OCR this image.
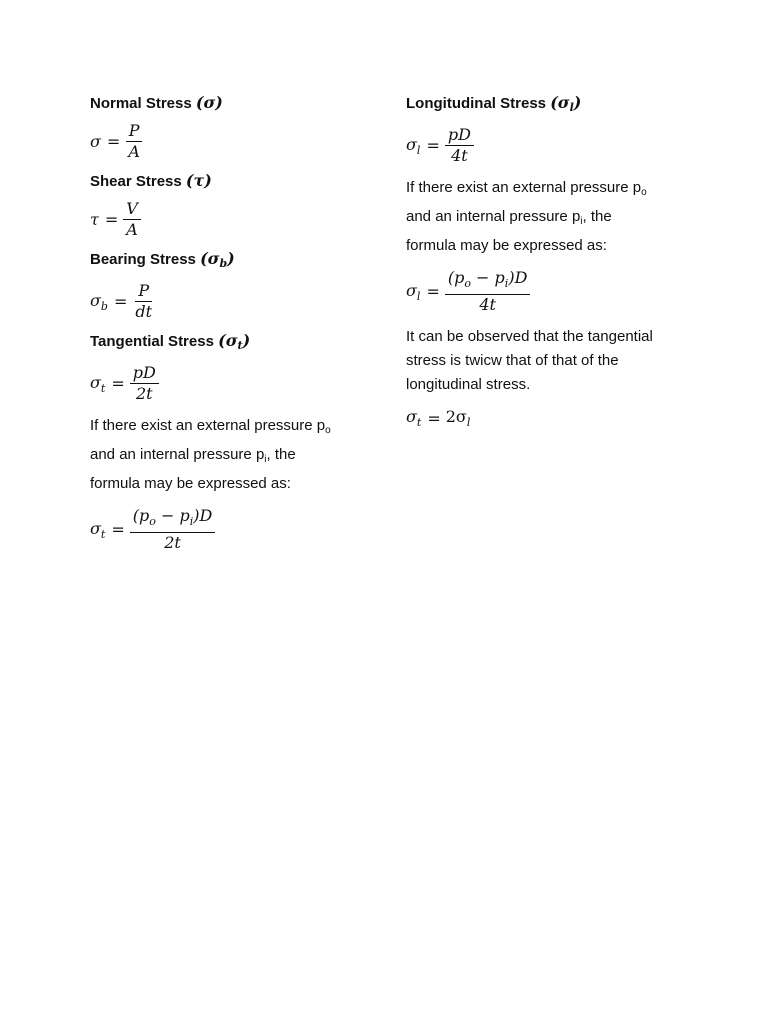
Normal Stress (σ)

$\sigma = \frac{P}{A}$

Shear Stress (τ)

$\tau = \frac{V}{A}$

Bearing Stress $(\sigma_b)$

$\sigma_b = \frac{P}{dt}$

Tangential Stress $(\sigma_t)$

$\sigma_t = \frac{pD}{2t}$

If there exist an external pressure $p_o$
and an internal pressure $p_i$, the
formula may be expressed as:

$\sigma_t = \frac{(p_o - p_i)D}{2t}$

Longitudinal Stress $(\sigma_l)$

$\sigma_l = \frac{pD}{4t}$

If there exist an external pressure $p_o$
and an internal pressure $p_i$, the
formula may be expressed as:

$\sigma_l = \frac{(p_o - p_i)D}{4t}$

It can be observed that the tangential
stress is twicw that of that of the
longitudinal stress.

$\sigma_t = 2\sigma_l$
